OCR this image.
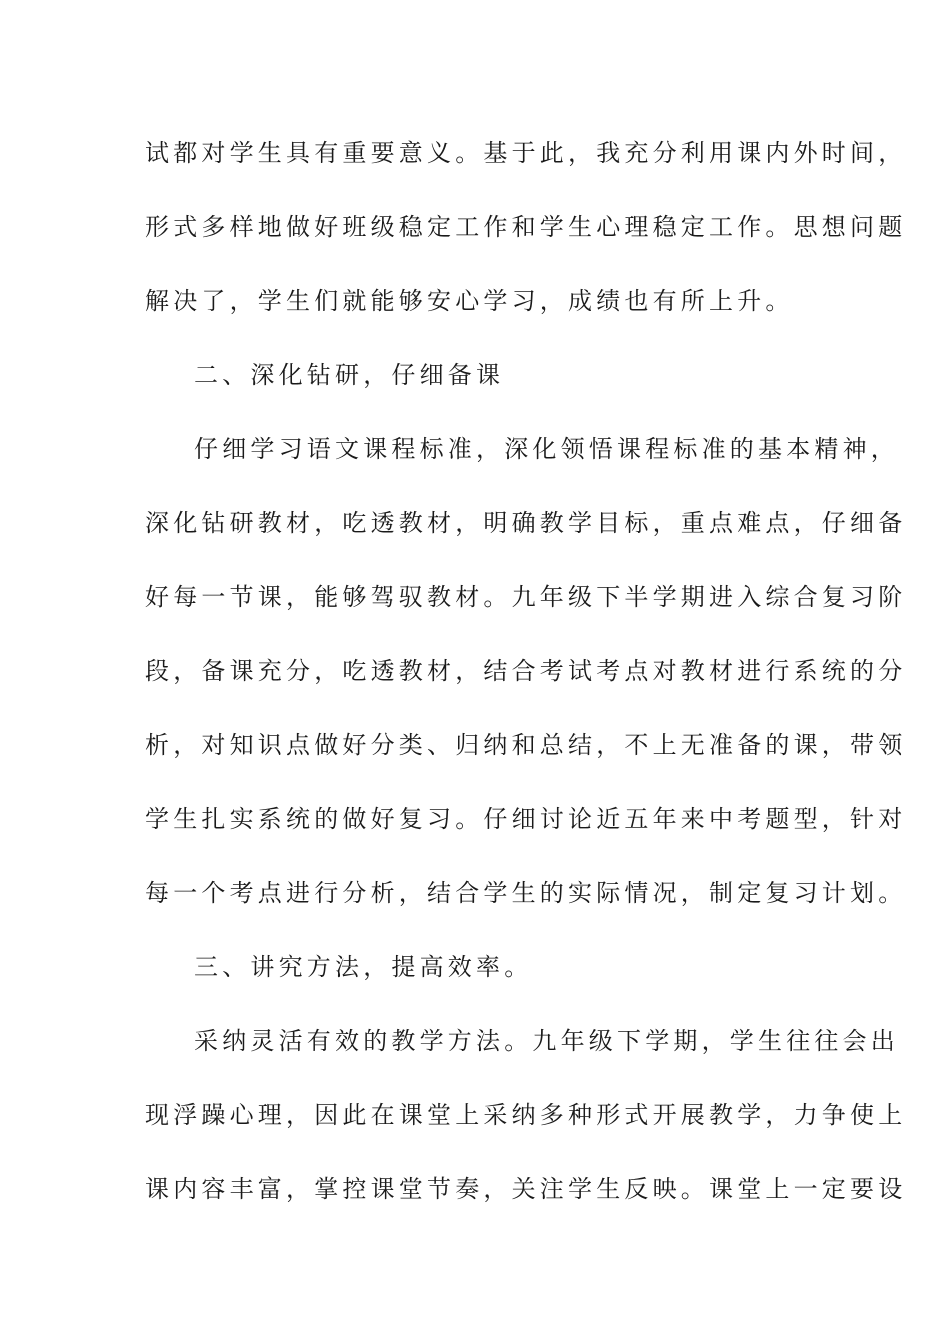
试都对学生具有重要意义。基于此，我充分利用课内外时间，
形式多样地做好班级稳定工作和学生心理稳定工作。思想问题
解决了，学生们就能够安心学习，成绩也有所上升。
二、深化钻研，仔细备课
仔细学习语文课程标准，深化领悟课程标准的基本精神，
深化钻研教材，吃透教材，明确教学目标，重点难点，仔细备
好每一节课，能够驾驭教材。九年级下半学期进入综合复习阶
段，备课充分，吃透教材，结合考试考点对教材进行系统的分
析，对知识点做好分类、归纳和总结，不上无准备的课，带领
学生扎实系统的做好复习。仔细讨论近五年来中考题型，针对
每一个考点进行分析，结合学生的实际情况，制定复习计划。
三、讲究方法，提高效率。
采纳灵活有效的教学方法。九年级下学期，学生往往会出
现浮躁心理，因此在课堂上采纳多种形式开展教学，力争使上
课内容丰富，掌控课堂节奏，关注学生反映。课堂上一定要设
